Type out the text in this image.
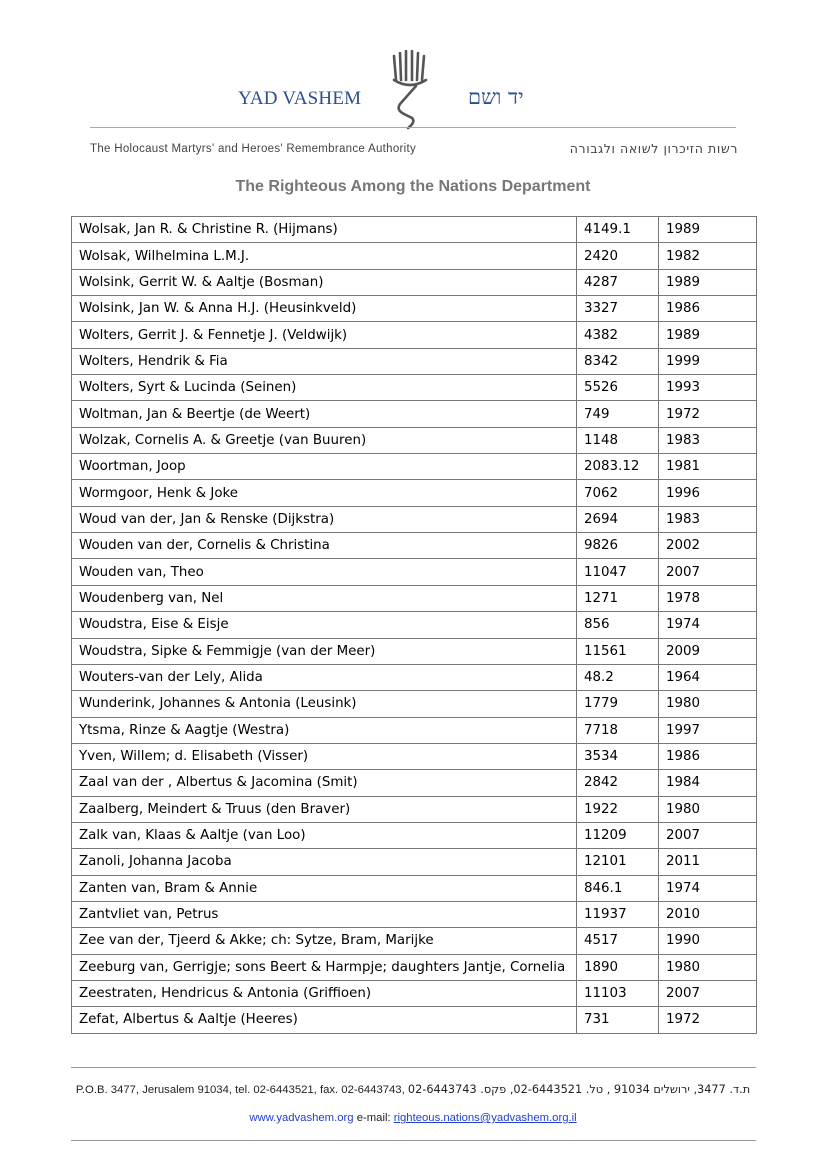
YAD VASHEM	יד ושם
The Holocaust Martyrs' and Heroes' Remembrance Authority	רשות הזיכרון לשואה ולגבורה
The Righteous Among the Nations Department
Wolsak, Jan R. & Christine R. (Hijmans)	4149.1	1989
Wolsak, Wilhelmina L.M.J.	2420	1982
Wolsink, Gerrit W. & Aaltje (Bosman)	4287	1989
Wolsink, Jan W. & Anna H.J. (Heusinkveld)	3327	1986
Wolters, Gerrit J. & Fennetje J. (Veldwijk)	4382	1989
Wolters, Hendrik & Fia	8342	1999
Wolters, Syrt & Lucinda (Seinen)	5526	1993
Woltman, Jan & Beertje (de Weert)	749	1972
Wolzak, Cornelis A. & Greetje (van Buuren)	1148	1983
Woortman, Joop	2083.12	1981
Wormgoor, Henk & Joke	7062	1996
Woud van der, Jan & Renske (Dijkstra)	2694	1983
Wouden van der, Cornelis & Christina	9826	2002
Wouden van, Theo	11047	2007
Woudenberg van, Nel	1271	1978
Woudstra, Eise & Eisje	856	1974
Woudstra, Sipke & Femmigje (van der Meer)	11561	2009
Wouters-van der Lely, Alida	48.2	1964
Wunderink, Johannes & Antonia (Leusink)	1779	1980
Ytsma, Rinze & Aagtje (Westra)	7718	1997
Yven, Willem; d. Elisabeth (Visser)	3534	1986
Zaal van der , Albertus & Jacomina (Smit)	2842	1984
Zaalberg, Meindert & Truus (den Braver)	1922	1980
Zalk van, Klaas & Aaltje (van Loo)	11209	2007
Zanoli, Johanna Jacoba	12101	2011
Zanten van, Bram & Annie	846.1	1974
Zantvliet van, Petrus	11937	2010
Zee van der, Tjeerd & Akke; ch: Sytze, Bram, Marijke	4517	1990
Zeeburg van, Gerrigje; sons Beert & Harmpje; daughters Jantje, Cornelia	1890	1980
Zeestraten, Hendricus & Antonia (Griffioen)	11103	2007
Zefat, Albertus & Aaltje (Heeres)	731	1972
P.O.B. 3477, Jerusalem 91034, tel. 02-6443521, fax. 02-6443743, ת.ד. 3477, ירושלים 91034 , טל. 02-6443521, פקס. 02-6443743
www.yadvashem.org e-mail: righteous.nations@yadvashem.org.il
